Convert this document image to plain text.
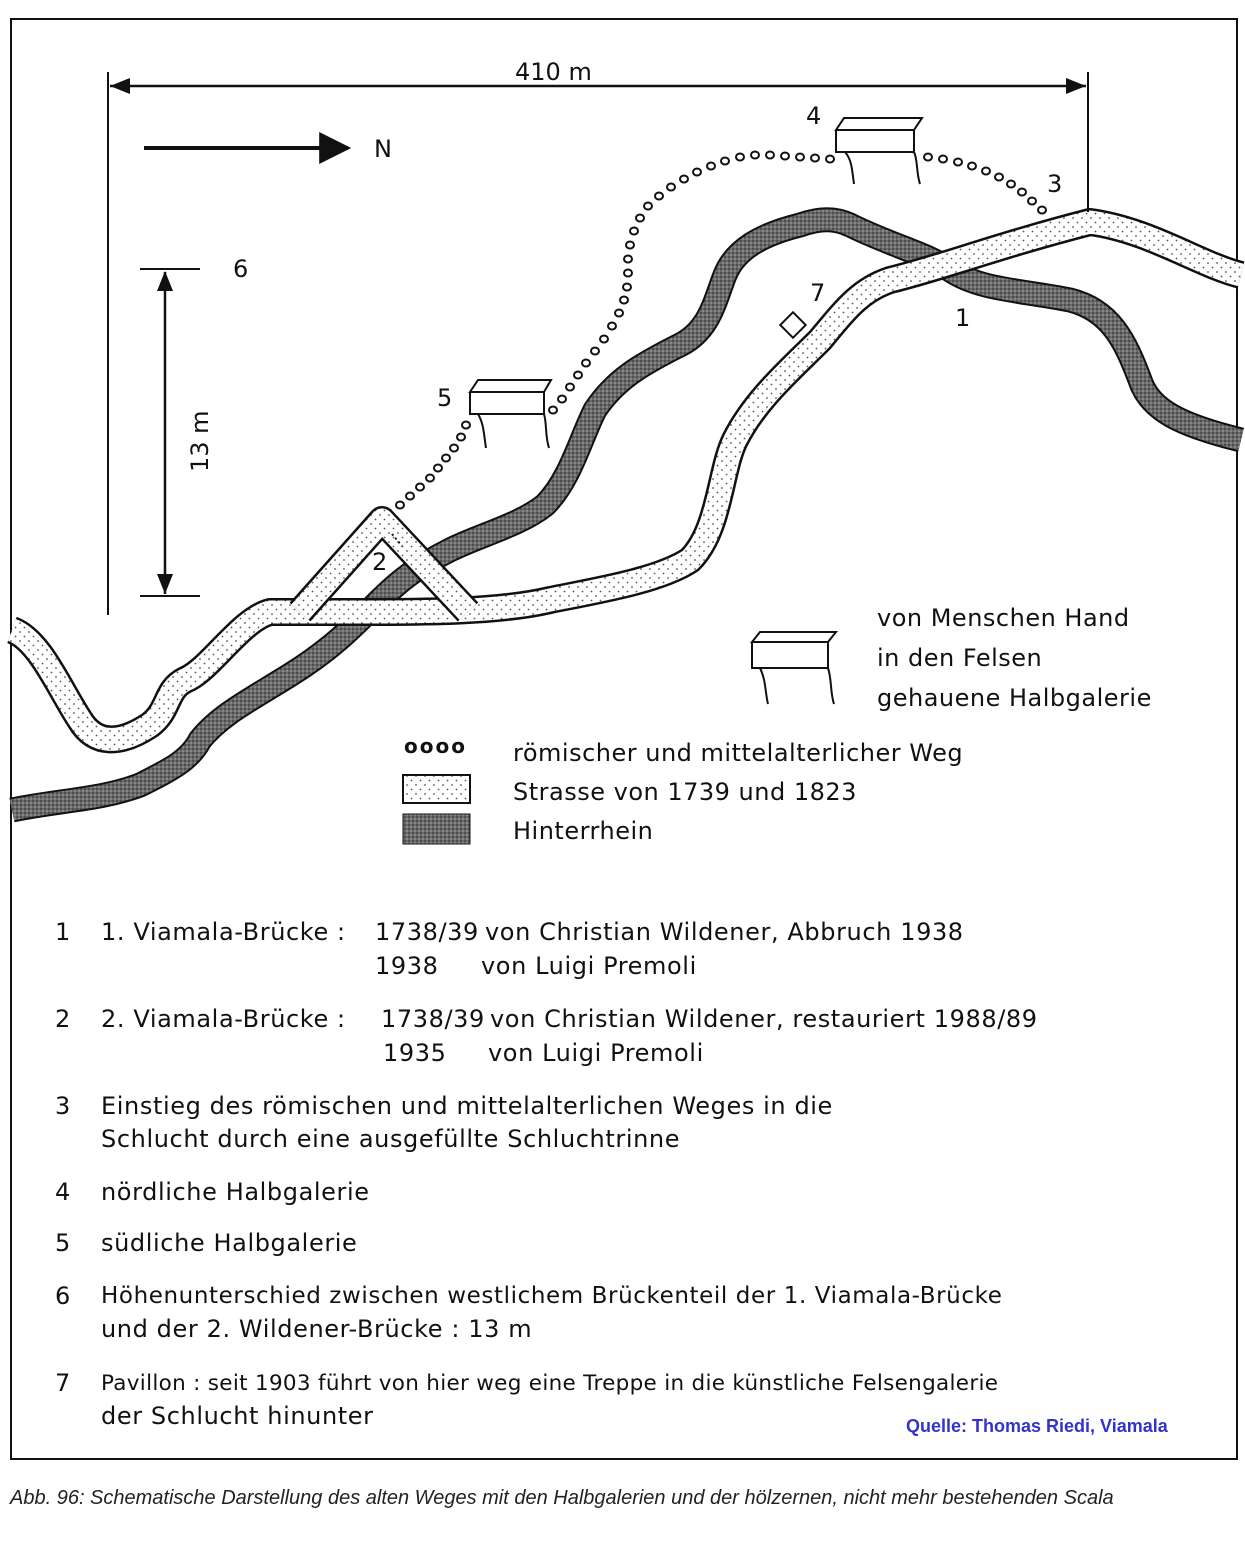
410 m
N
6
13 m
1
2
3
4
5
7
von Menschen Hand
in den Felsen
gehauene Halbgalerie
oooo römischer und mittelalterlicher Weg
Strasse von 1739 und 1823
Hinterrhein
1 1. Viamala-Brücke : 1738/39 von Christian Wildener, Abbruch 1938
1938 von Luigi Premoli
2 2. Viamala-Brücke : 1738/39 von Christian Wildener, restauriert 1988/89
1935 von Luigi Premoli
3 Einstieg des römischen und mittelalterlichen Weges in die
Schlucht durch eine ausgefüllte Schluchtrinne
4 nördliche Halbgalerie
5 südliche Halbgalerie
6 Höhenunterschied zwischen westlichem Brückenteil der 1. Viamala-Brücke
und der 2. Wildener-Brücke : 13 m
7 Pavillon : seit 1903 führt von hier weg eine Treppe in die künstliche Felsengalerie
der Schlucht hinunter	Quelle: Thomas Riedi, Viamala
Abb. 96: Schematische Darstellung des alten Weges mit den Halbgalerien und der hölzernen, nicht mehr bestehenden Scala
